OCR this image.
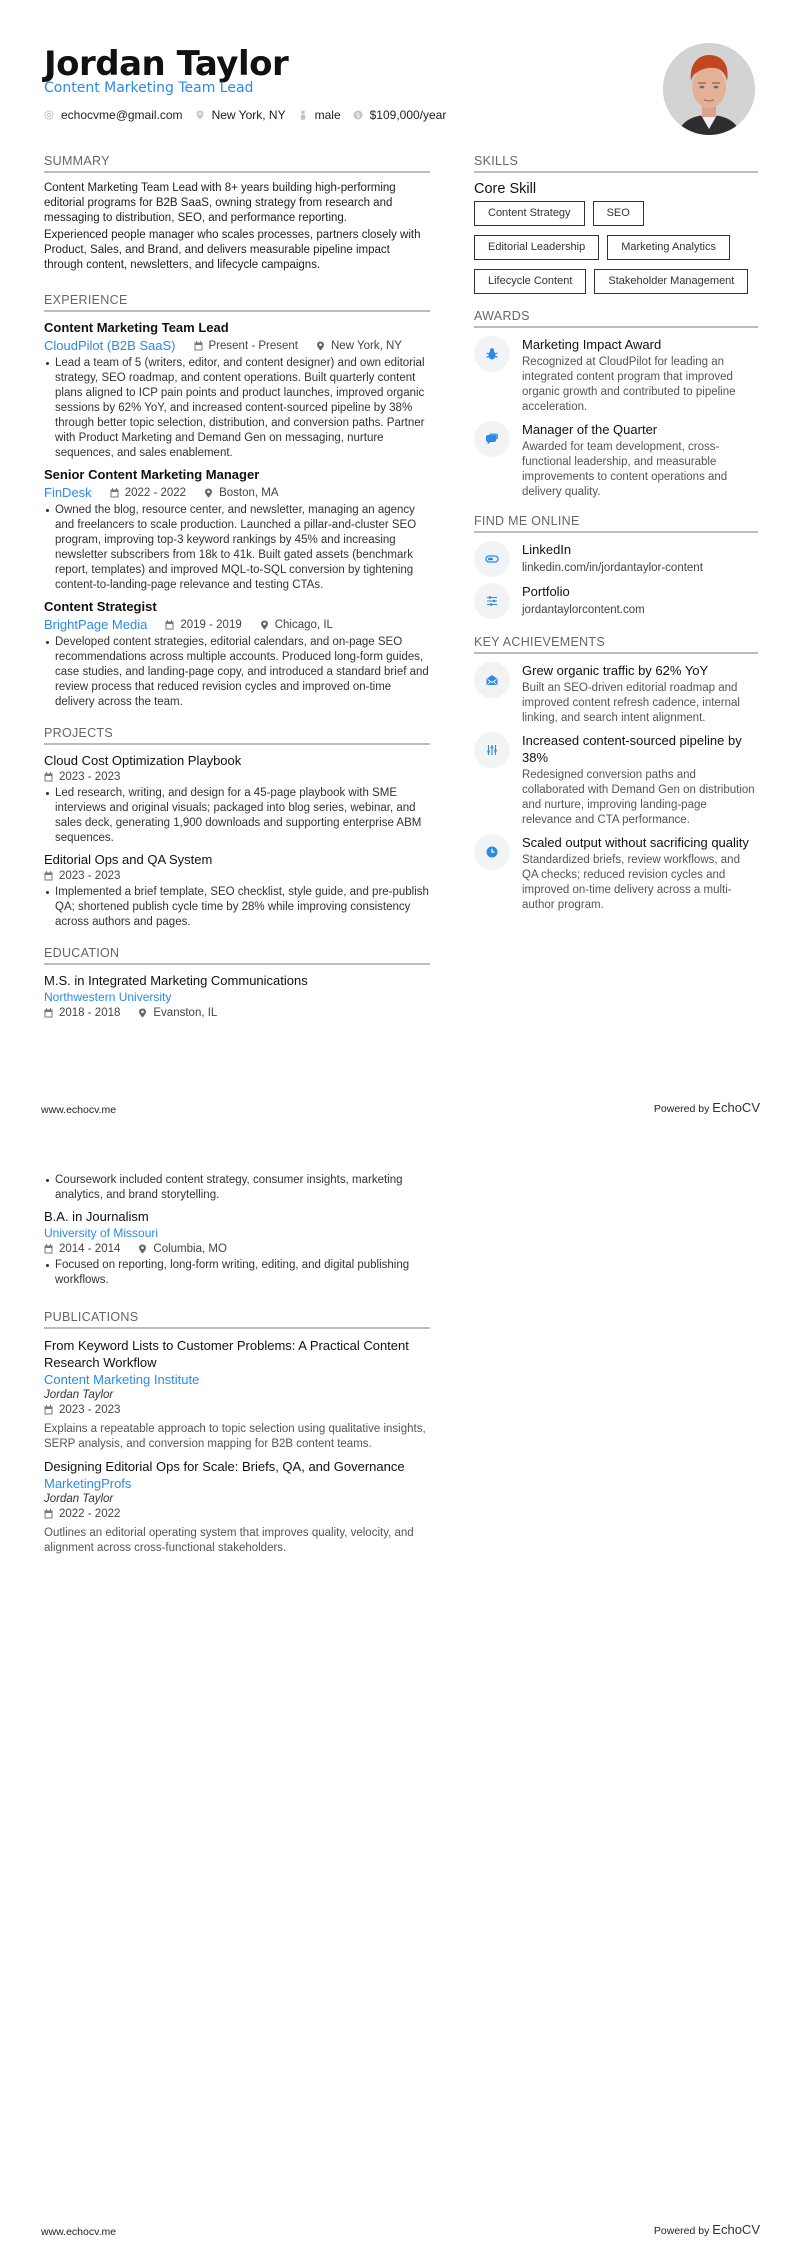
Jordan Taylor
Content Marketing Team Lead
echocvme@gmail.com New York, NY male $ $109,000/year
SUMMARY

Content Marketing Team Lead with 8+ years building high-performing editorial programs for B2B SaaS, owning strategy from research and messaging to distribution, SEO, and performance reporting.

Experienced people manager who scales processes, partners closely with Product, Sales, and Brand, and delivers measurable pipeline impact through content, newsletters, and lifecycle campaigns.

EXPERIENCE
Content Marketing Team Lead
CloudPilot (B2B SaaS)	Present - Present	New York, NY
Lead a team of 5 (writers, editor, and content designer) and own editorial strategy, SEO roadmap, and content operations. Built quarterly content plans aligned to ICP pain points and product launches, improved organic sessions by 62% YoY, and increased content-sourced pipeline by 38% through better topic selection, distribution, and conversion paths. Partner with Product Marketing and Demand Gen on messaging, nurture sequences, and sales enablement.
Senior Content Marketing Manager
FinDesk	2022 - 2022	Boston, MA
Owned the blog, resource center, and newsletter, managing an agency and freelancers to scale production. Launched a pillar-and-cluster SEO program, improving top-3 keyword rankings by 45% and increasing newsletter subscribers from 18k to 41k. Built gated assets (benchmark report, templates) and improved MQL-to-SQL conversion by tightening content-to-landing-page relevance and testing CTAs.
Content Strategist
BrightPage Media	2019 - 2019	Chicago, IL
Developed content strategies, editorial calendars, and on-page SEO recommendations across multiple accounts. Produced long-form guides, case studies, and landing-page copy, and introduced a standard brief and review process that reduced revision cycles and improved on-time delivery across the team.
PROJECTS
Cloud Cost Optimization Playbook
2023 - 2023
Led research, writing, and design for a 45-page playbook with SME interviews and original visuals; packaged into blog series, webinar, and sales deck, generating 1,900 downloads and supporting enterprise ABM sequences.
Editorial Ops and QA System
2023 - 2023
Implemented a brief template, SEO checklist, style guide, and pre-publish QA; shortened publish cycle time by 28% while improving consistency across authors and pages.
EDUCATION
M.S. in Integrated Marketing Communications
Northwestern University
2018 - 2018	Evanston, IL
SKILLS
Core Skill
Content Strategy	SEO
Editorial Leadership	Marketing Analytics
Lifecycle Content	Stakeholder Management
AWARDS
Marketing Impact Award
Recognized at CloudPilot for leading an integrated content program that improved organic growth and contributed to pipeline acceleration.
Manager of the Quarter
Awarded for team development, cross-functional leadership, and measurable improvements to content operations and delivery quality.
FIND ME ONLINE
LinkedIn
linkedin.com/in/jordantaylor-content
Portfolio
jordantaylorcontent.com
KEY ACHIEVEMENTS
Grew organic traffic by 62% YoY
Built an SEO-driven editorial roadmap and improved content refresh cadence, internal linking, and search intent alignment.
Increased content-sourced pipeline by 38%
Redesigned conversion paths and collaborated with Demand Gen on distribution and nurture, improving landing-page relevance and CTA performance.
Scaled output without sacrificing quality
Standardized briefs, review workflows, and QA checks; reduced revision cycles and improved on-time delivery across a multi-author program.
www.echocv.me	Powered by EchoCV
Coursework included content strategy, consumer insights, marketing analytics, and brand storytelling.
B.A. in Journalism
University of Missouri
2014 - 2014	Columbia, MO
Focused on reporting, long-form writing, editing, and digital publishing workflows.
PUBLICATIONS
From Keyword Lists to Customer Problems: A Practical Content Research Workflow
Content Marketing Institute
Jordan Taylor
2023 - 2023
Explains a repeatable approach to topic selection using qualitative insights, SERP analysis, and conversion mapping for B2B content teams.
Designing Editorial Ops for Scale: Briefs, QA, and Governance
MarketingProfs
Jordan Taylor
2022 - 2022
Outlines an editorial operating system that improves quality, velocity, and alignment across cross-functional stakeholders.
www.echocv.me	Powered by EchoCV
